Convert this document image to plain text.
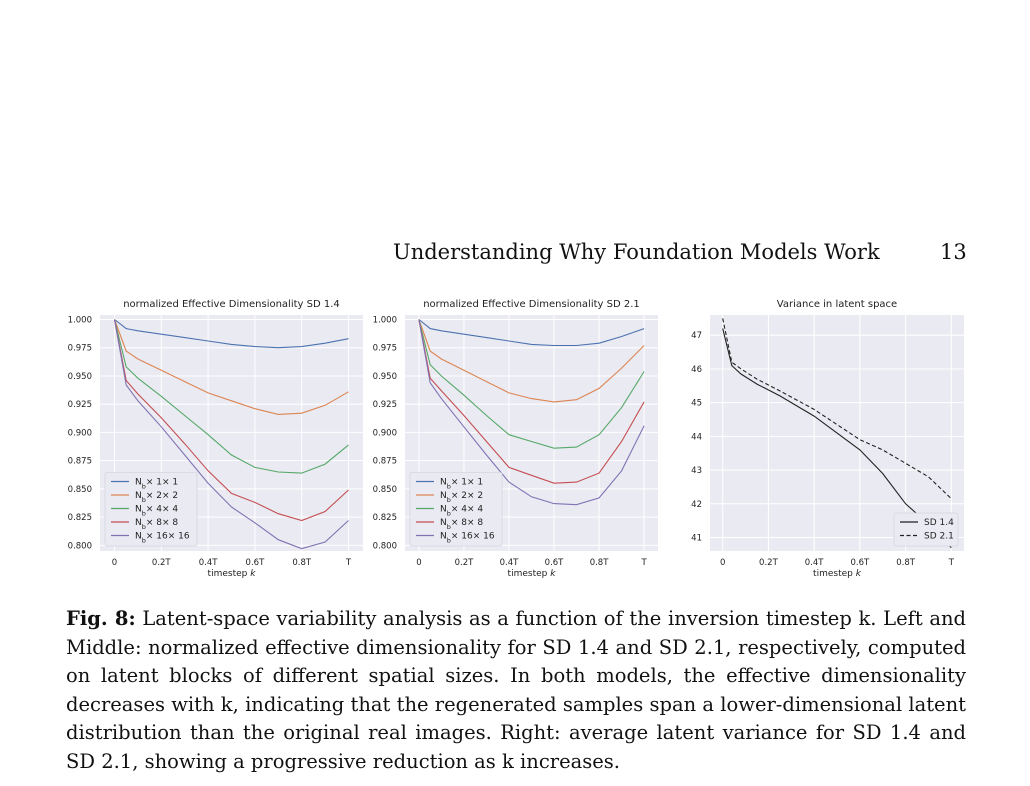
Understanding Why Foundation Models Work	13
0	0.2T	0.4T	0.6T	0.8T	T
1.000
0.975
0.950
0.925
0.900
0.875
0.850
0.825
0.800
normalized Effective Dimensionality SD 1.4
timestep k
$N_b\times 1\times 1$
$N_b\times 2\times 2$
$N_b\times 4\times 4$
$N_b\times 8\times 8$
$N_b\times 16\times 16$
0	0.2T	0.4T	0.6T	0.8T	T
1.000
0.975
0.950
0.925
0.900
0.875
0.850
0.825
0.800
normalized Effective Dimensionality SD 2.1
timestep k
$N_b\times 1\times 1$
$N_b\times 2\times 2$
$N_b\times 4\times 4$
$N_b\times 8\times 8$
$N_b\times 16\times 16$
0	0.2T	0.4T	0.6T	0.8T	T
47
46
45
44
43
42
41
Variance in latent space
timestep k
SD 1.4
SD 2.1
Fig. 8: Latent-space variability analysis as a function of the inversion timestep k. Left and Middle: normalized effective dimensionality for SD 1.4 and SD 2.1, respectively, computed on latent blocks of different spatial sizes. In both models, the effective dimensionality decreases with k, indicating that the regenerated samples span a lower-dimensional latent distribution than the original real images. Right: average latent variance for SD 1.4 and SD 2.1, showing a progressive reduction as k increases.
